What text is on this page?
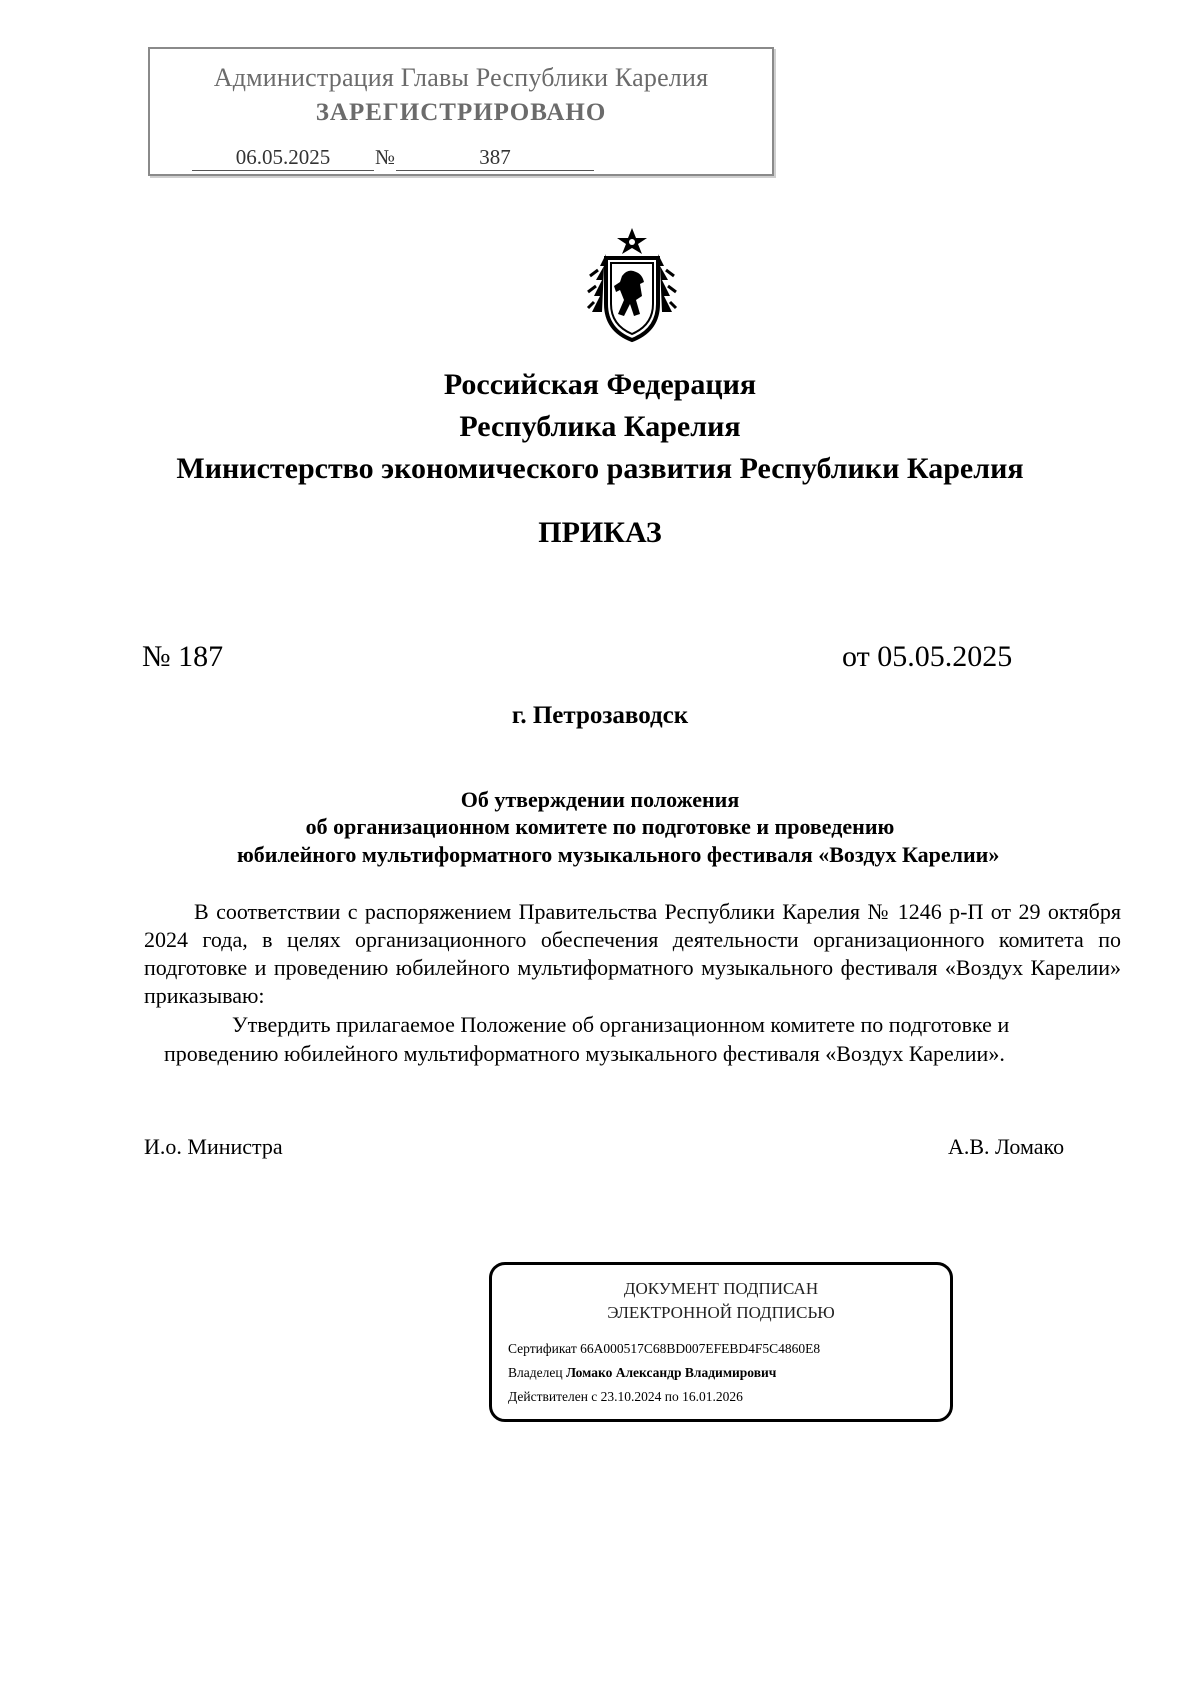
Администрация Главы Республики Карелия
ЗАРЕГИСТРИРОВАНО
06.05.2025 №	387
Российская Федерация
Республика Карелия
Министерство экономического развития Республики Карелия
ПРИКАЗ
№ 187	от 05.05.2025
г. Петрозаводск
Об утверждении положения
об организационном комитете по подготовке и проведению
юбилейного мультиформатного музыкального фестиваля «Воздух Карелии»

В соответствии с распоряжением Правительства Республики Карелия № 1246 р-П от 29 октября 2024 года, в целях организационного обеспечения деятельности организационного комитета по подготовке и проведению юбилейного мультиформатного музыкального фестиваля «Воздух Карелии» приказываю:

Утвердить прилагаемое Положение об организационном комитете по подготовке и
проведению юбилейного мультиформатного музыкального фестиваля «Воздух Карелии».
И.о. Министра	А.В. Ломако
ДОКУМЕНТ ПОДПИСАН
ЭЛЕКТРОННОЙ ПОДПИСЬЮ
Сертификат 66A000517C68BD007EFEBD4F5C4860E8
Владелец Ломако Александр Владимирович
Действителен с 23.10.2024 по 16.01.2026
